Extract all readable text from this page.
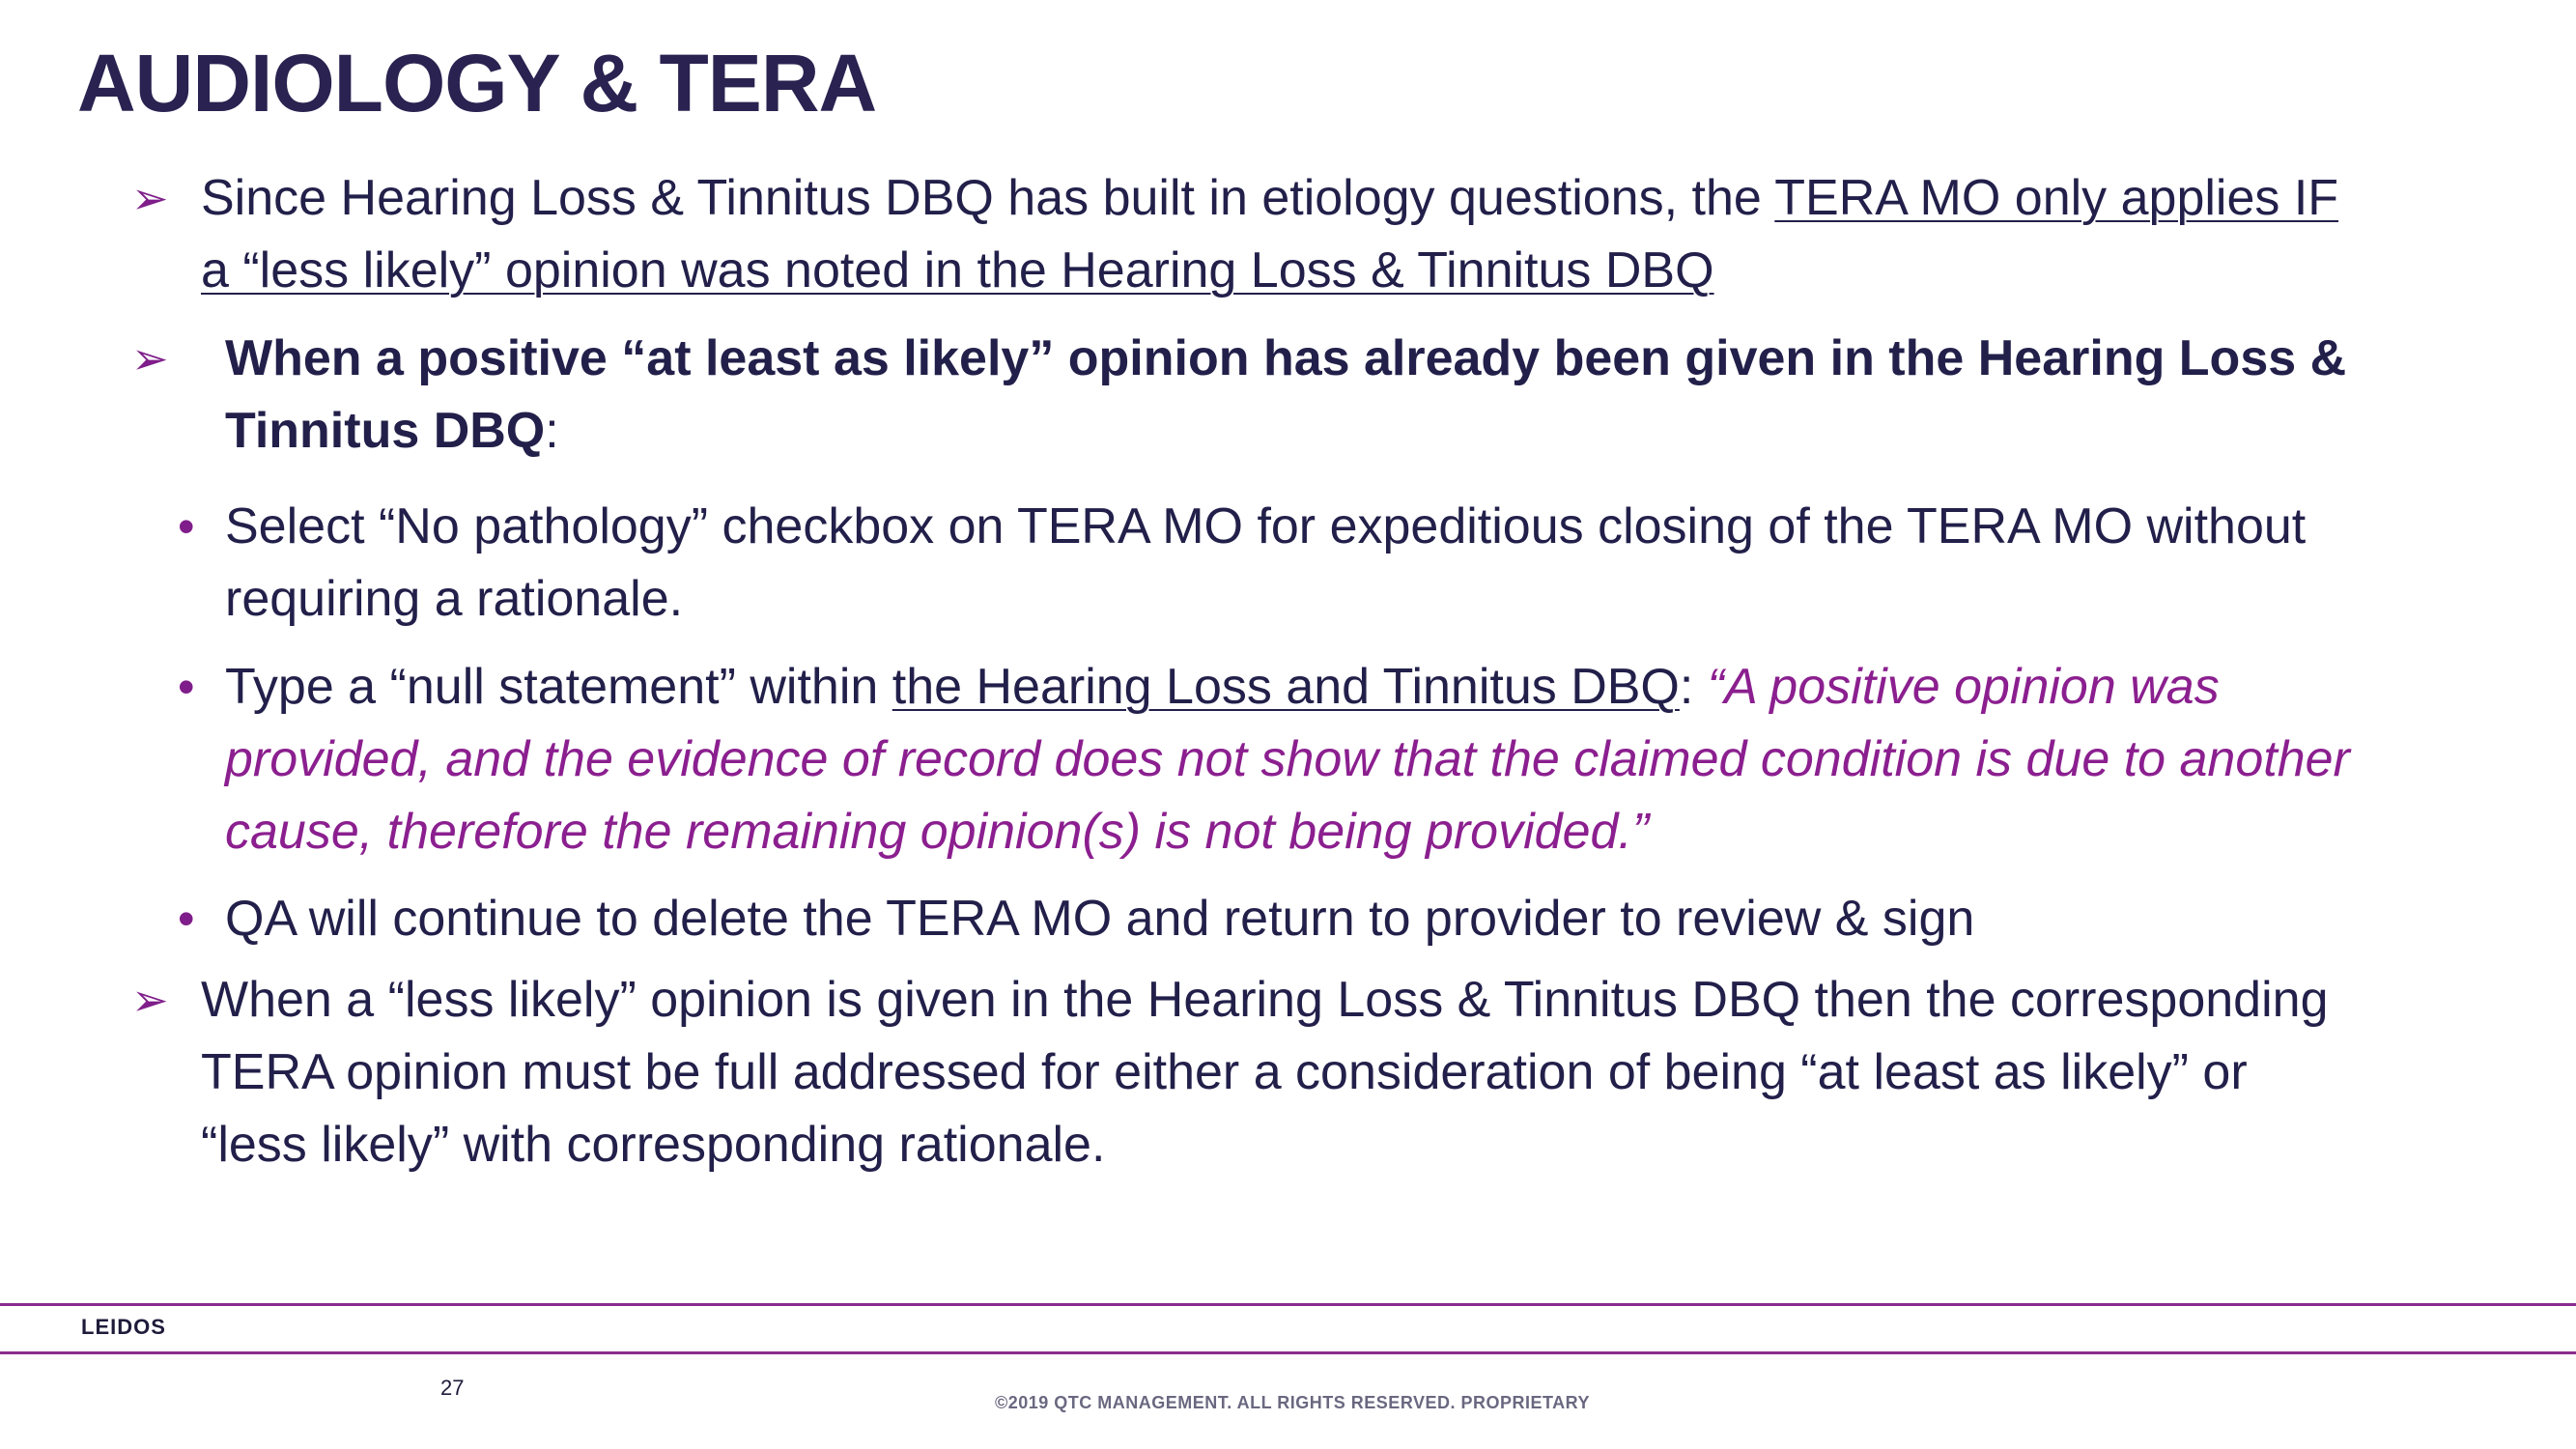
AUDIOLOGY & TERA
➢ Since Hearing Loss & Tinnitus DBQ has built in etiology questions, the TERA MO only applies IF a “less likely” opinion was noted in the Hearing Loss & Tinnitus DBQ

➢ When a positive “at least as likely” opinion has already been given in the Hearing Loss & Tinnitus DBQ:

• Select “No pathology” checkbox on TERA MO for expeditious closing of the TERA MO without requiring a rationale.

• Type a “null statement” within the Hearing Loss and Tinnitus DBQ: “A positive opinion was provided, and the evidence of record does not show that the claimed condition is due to another cause, therefore the remaining opinion(s) is not being provided.”

• QA will continue to delete the TERA MO and return to provider to review & sign

➢ When a “less likely” opinion is given in the Hearing Loss & Tinnitus DBQ then the corresponding TERA opinion must be full addressed for either a consideration of being “at least as likely” or “less likely” with corresponding rationale.

LEIDOS
27
©2019 QTC MANAGEMENT. ALL RIGHTS RESERVED. PROPRIETARY
